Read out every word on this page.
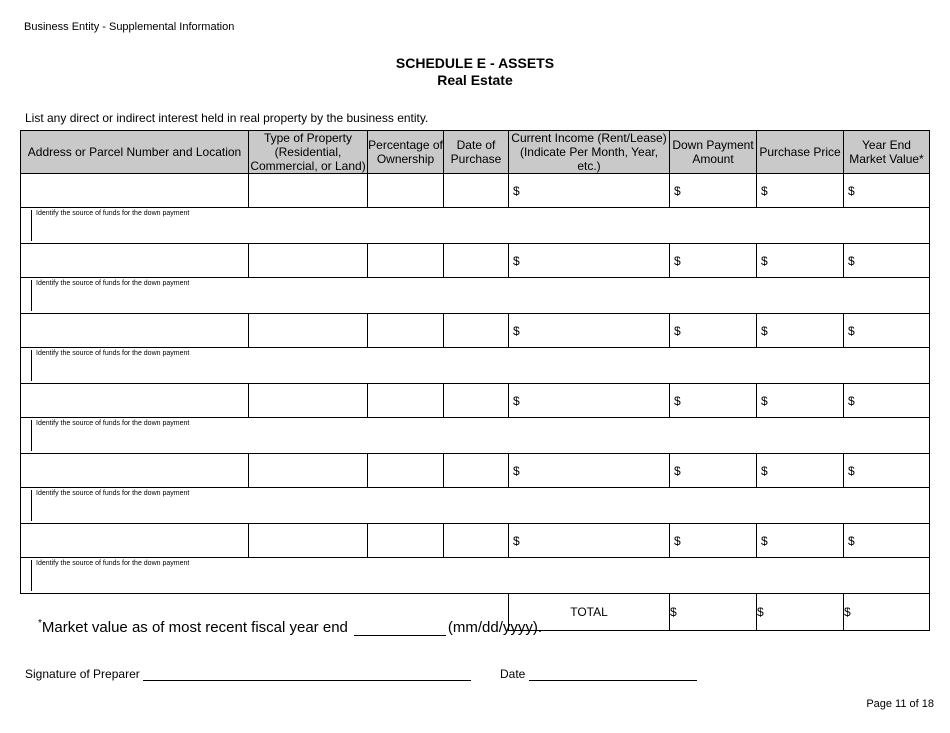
Business Entity - Supplemental Information
SCHEDULE E - ASSETS
Real Estate
List any direct or indirect interest held in real property by the business entity.
Address or Parcel Number and Location	Type of Property (Residential, Commercial, or Land)	Percentage of Ownership	Date of Purchase	Current Income (Rent/Lease) (Indicate Per Month, Year, etc.)	Down Payment Amount	Purchase Price	Year End Market Value*
				$	$	$	$

Identify the source of funds for the down payment							

				$	$	$	$

Identify the source of funds for the down payment							

				$	$	$	$

Identify the source of funds for the down payment							

				$	$	$	$

Identify the source of funds for the down payment							

				$	$	$	$

Identify the source of funds for the down payment							

				$	$	$	$

Identify the source of funds for the down payment							

				TOTAL	$	$	$
*Market value as of most recent fiscal year end	(mm/dd/yyyy).
Signature of Preparer	Date
Page 11 of 18
